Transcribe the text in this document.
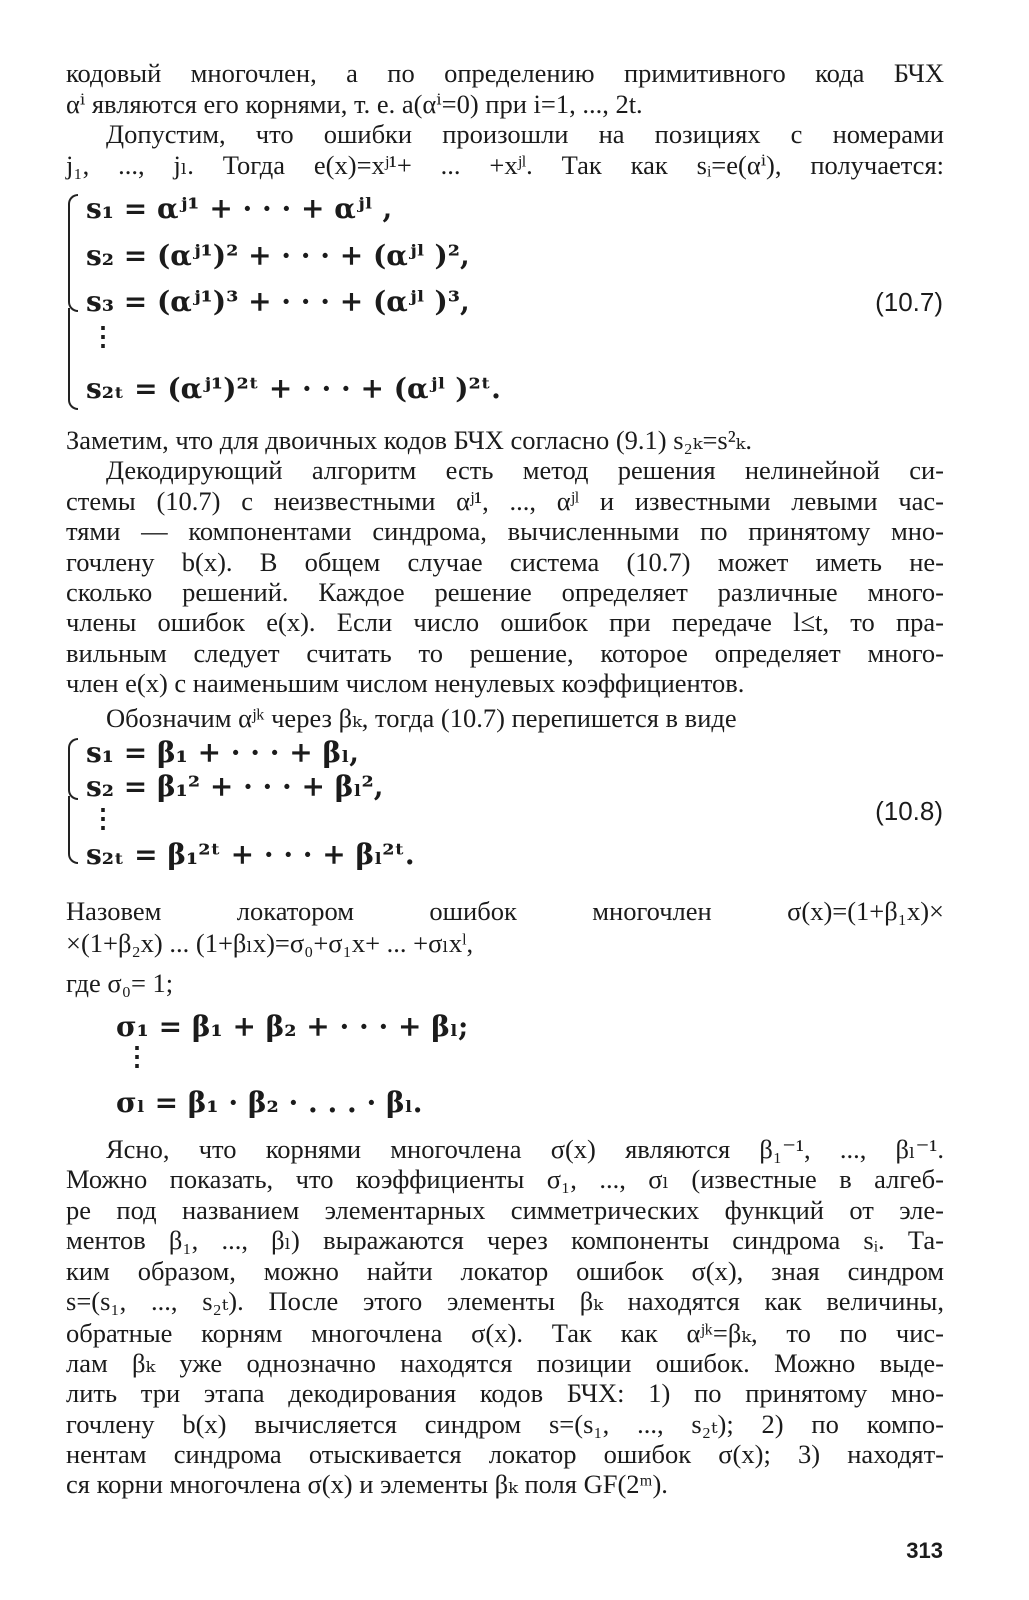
кодовый многочлен, а по определению примитивного кода БЧХ
αⁱ являются его корнями, т. е. a(αⁱ=0) при i=1, ..., 2t.
Допустим, что ошибки произошли на позициях с номерами
j₁, ..., jₗ. Тогда e(x)=xʲ¹+ ... +xʲˡ. Так как sᵢ=e(αⁱ), получается:
s₁ = αʲ¹ + · · · + αʲˡ ,
s₂ = (αʲ¹)² + · · · + (αʲˡ )²,
s₃ = (αʲ¹)³ + · · · + (αʲˡ )³,
⋮
s₂ₜ = (αʲ¹)²ᵗ + · · · + (αʲˡ )²ᵗ.
(10.7)
Заметим, что для двоичных кодов БЧХ согласно (9.1) s₂ₖ=s²ₖ.
Декодирующий алгоритм есть метод решения нелинейной си-
стемы (10.7) с неизвестными αʲ¹, ..., αʲˡ и известными левыми час-
тями — компонентами синдрома, вычисленными по принятому мно-
гочлену b(x). В общем случае система (10.7) может иметь не-
сколько решений. Каждое решение определяет различные много-
члены ошибок e(x). Если число ошибок при передаче l≤t, то пра-
вильным следует считать то решение, которое определяет много-
член e(x) с наименьшим числом ненулевых коэффициентов.
Обозначим αʲᵏ через βₖ, тогда (10.7) перепишется в виде
s₁ = β₁ + · · · + βₗ,
s₂ = β₁² + · · · + βₗ²,
⋮
s₂ₜ = β₁²ᵗ + · · · + βₗ²ᵗ.
(10.8)
Назовем локатором ошибок многочлен σ(x)=(1+β₁x)×
×(1+β₂x) ... (1+βₗx)=σ₀+σ₁x+ ... +σₗxˡ,
где σ₀= 1;
σ₁ = β₁ + β₂ + · · · + βₗ;
⋮
σₗ = β₁ · β₂ · . . . · βₗ.
Ясно, что корнями многочлена σ(x) являются β₁⁻¹, ..., βₗ⁻¹.
Можно показать, что коэффициенты σ₁, ..., σₗ (известные в алгеб-
ре под названием элементарных симметрических функций от эле-
ментов β₁, ..., βₗ) выражаются через компоненты синдрома sᵢ. Та-
ким образом, можно найти локатор ошибок σ(x), зная синдром
s=(s₁, ..., s₂ₜ). После этого элементы βₖ находятся как величины,
обратные корням многочлена σ(x). Так как αʲᵏ=βₖ, то по чис-
лам βₖ уже однозначно находятся позиции ошибок. Можно выде-
лить три этапа декодирования кодов БЧХ: 1) по принятому мно-
гочлену b(x) вычисляется синдром s=(s₁, ..., s₂ₜ); 2) по компо-
нентам синдрома отыскивается локатор ошибок σ(x); 3) находят-
ся корни многочлена σ(x) и элементы βₖ поля GF(2ᵐ).
313
